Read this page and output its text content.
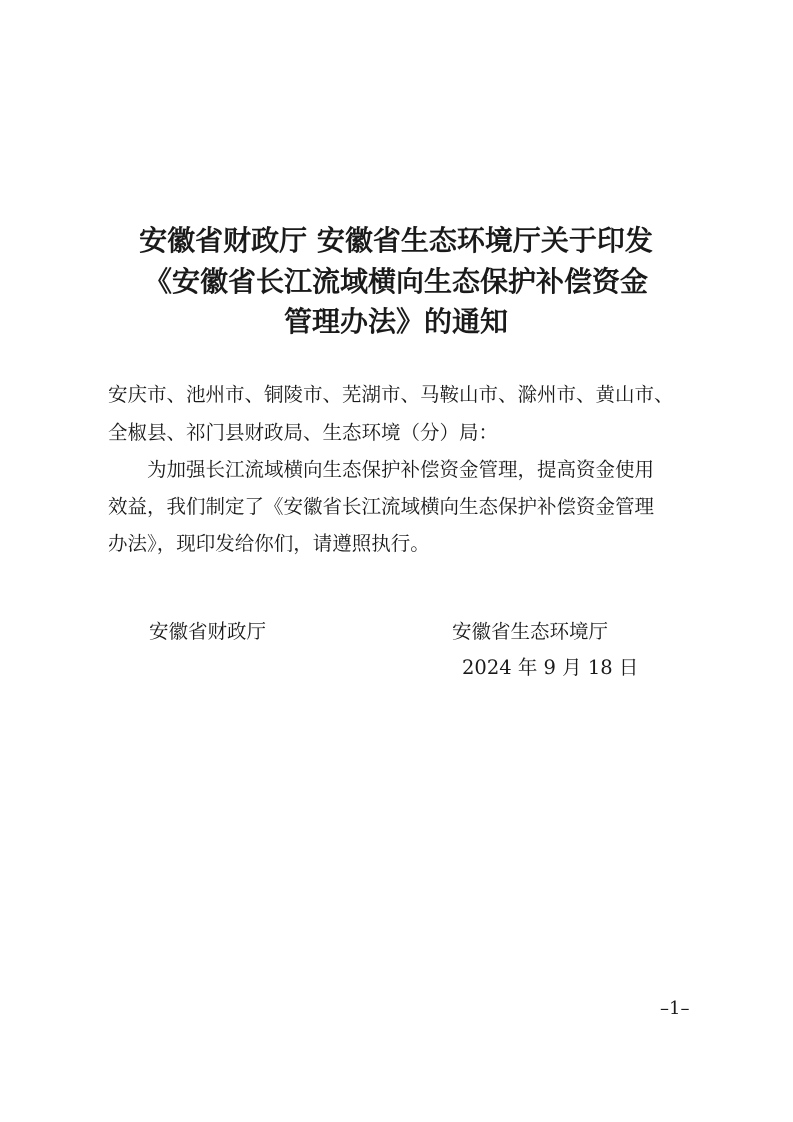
安徽省财政厅 安徽省生态环境厅关于印发
《安徽省长江流域横向生态保护补偿资金
管理办法》的通知
安庆市、池州市、铜陵市、芜湖市、马鞍山市、滁州市、黄山市、
全椒县、祁门县财政局、生态环境（分）局：
为加强长江流域横向生态保护补偿资金管理，提高资金使用
效益，我们制定了《安徽省长江流域横向生态保护补偿资金管理
办法》，现印发给你们，请遵照执行。
安徽省财政厅	安徽省生态环境厅
2024 年 9 月 18 日
–1–
